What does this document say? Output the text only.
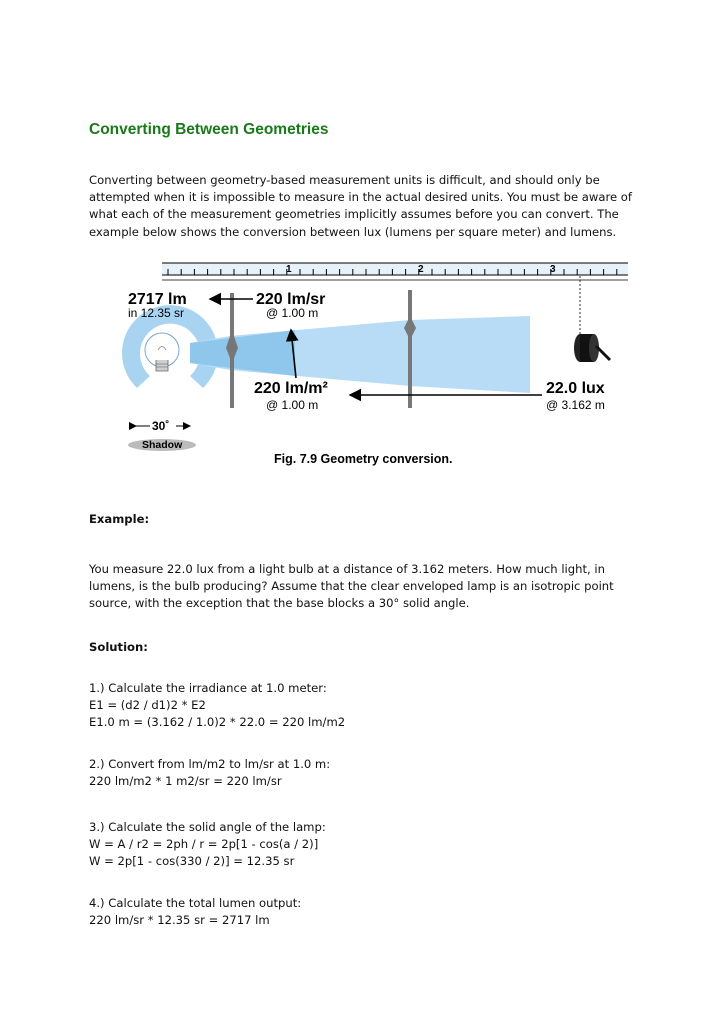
Converting Between Geometries

Converting between geometry-based measurement units is difficult, and should only be attempted when it is impossible to measure in the actual desired units. You must be aware of what each of the measurement geometries implicitly assumes before you can convert. The example below shows the conversion between lux (lumens per square meter) and lumens.

1	2	3
2717 lm
in 12.35 sr
220 lm/sr
@ 1.00 m
220 lm/m²
@ 1.00 m
22.0 lux
@ 3.162 m
30˚
Shadow
Fig. 7.9 Geometry conversion.

Example:

You measure 22.0 lux from a light bulb at a distance of 3.162 meters. How much light, in lumens, is the bulb producing? Assume that the clear enveloped lamp is an isotropic point source, with the exception that the base blocks a 30° solid angle.

Solution:

1.) Calculate the irradiance at 1.0 meter:

E1 = (d2 / d1)2 * E2

E1.0 m = (3.162 / 1.0)2 * 22.0 = 220 lm/m2

2.) Convert from lm/m2 to lm/sr at 1.0 m:

220 lm/m2 * 1 m2/sr = 220 lm/sr

3.) Calculate the solid angle of the lamp:

W = A / r2 = 2ph / r = 2p[1 - cos(a / 2)]

W = 2p[1 - cos(330 / 2)] = 12.35 sr

4.) Calculate the total lumen output:

220 lm/sr * 12.35 sr = 2717 lm
